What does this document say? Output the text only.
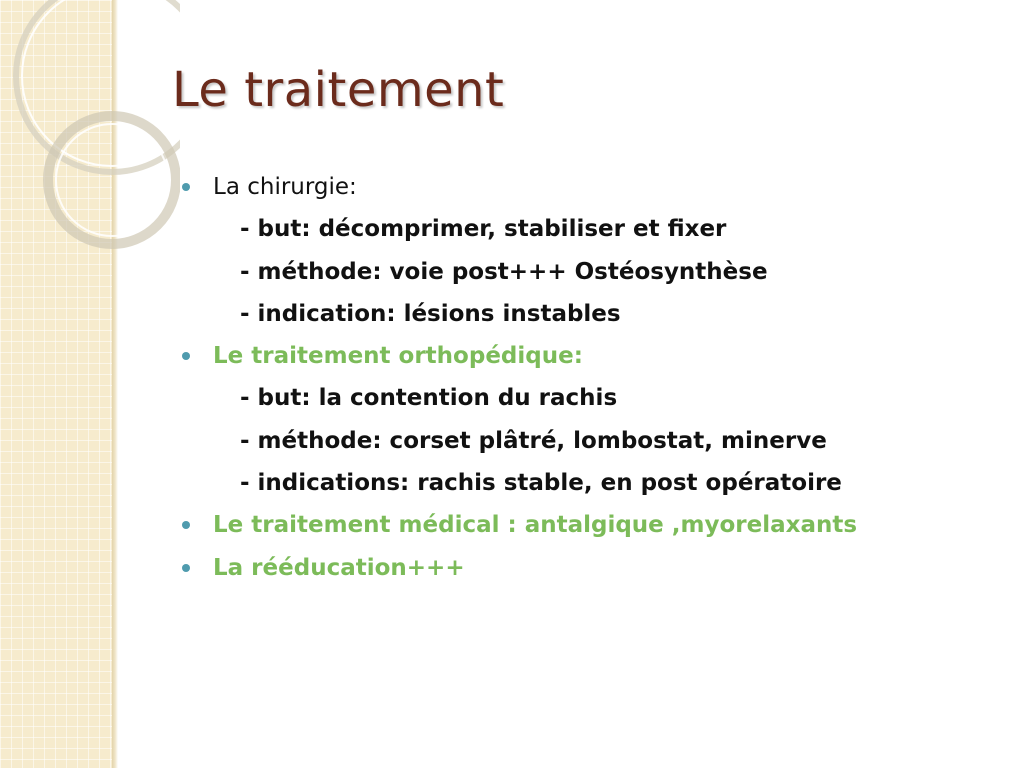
Le traitement
La chirurgie:
- but: décomprimer, stabiliser et fixer
- méthode: voie post+++ Ostéosynthèse
- indication: lésions instables
Le traitement orthopédique:
- but: la contention du rachis
- méthode: corset plâtré, lombostat, minerve
- indications: rachis stable, en post opératoire
Le traitement médical : antalgique ,myorelaxants
La rééducation+++
